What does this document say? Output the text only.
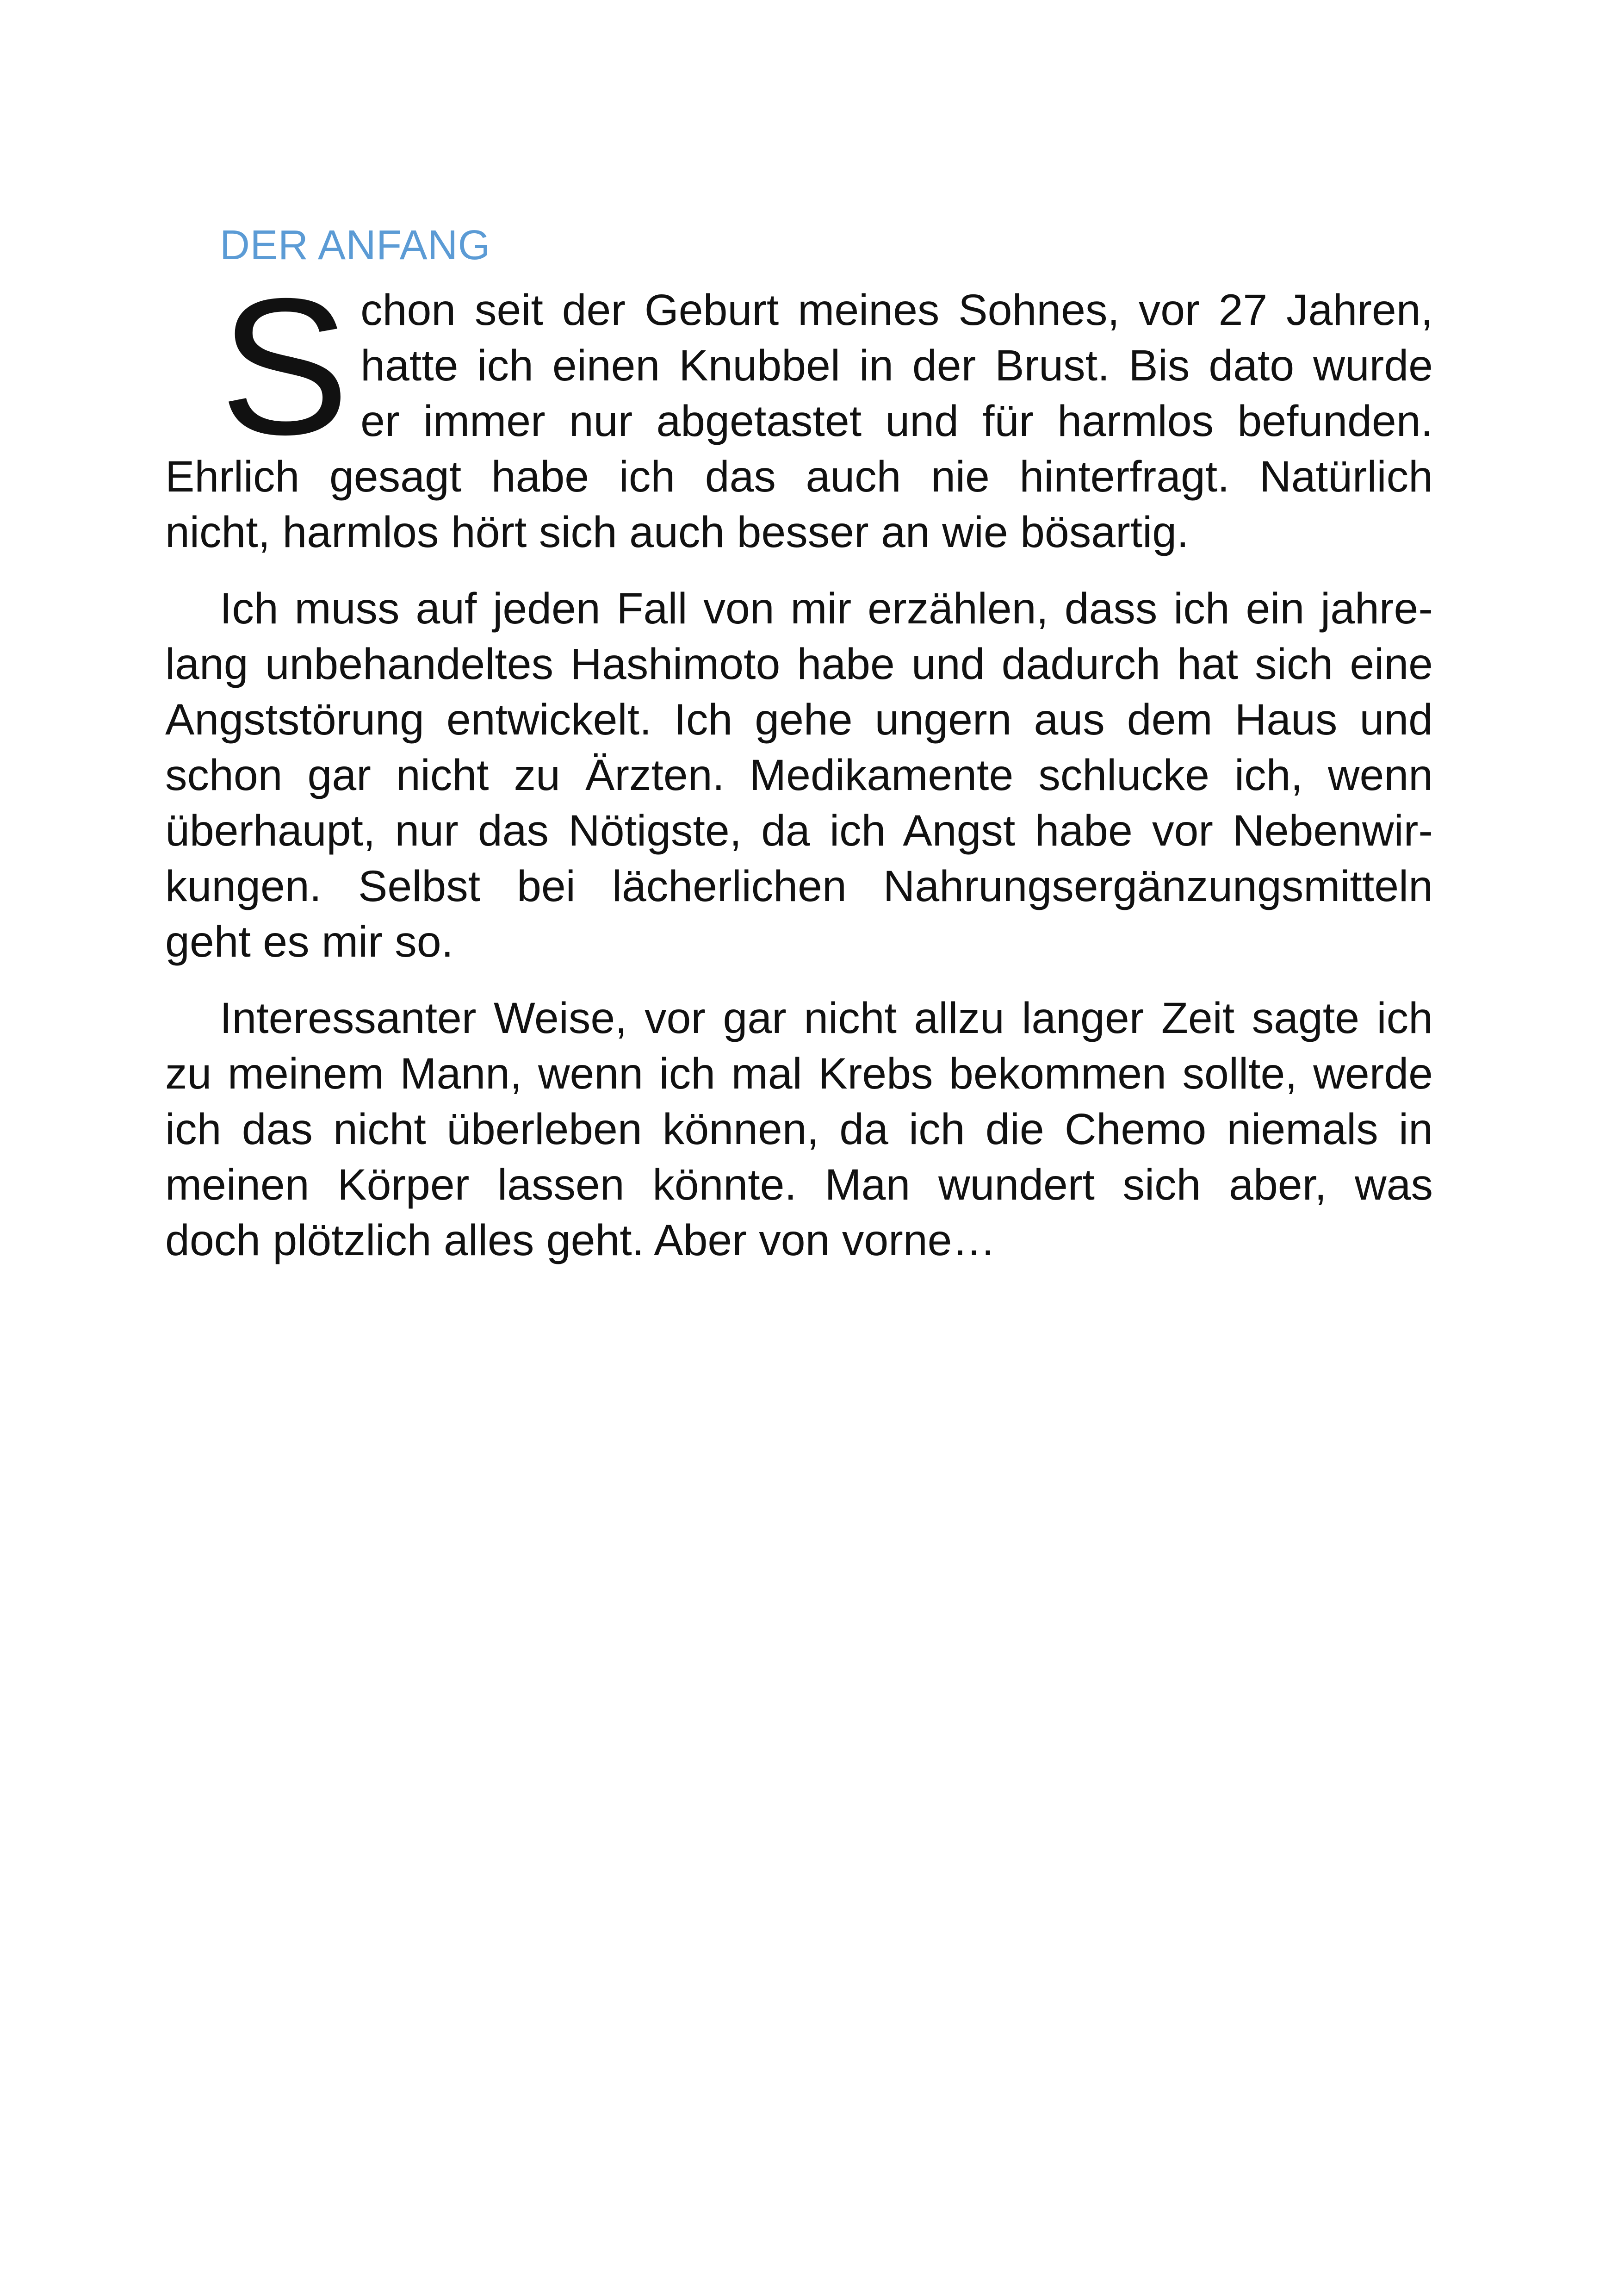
DER ANFANG
S chon seit der Geburt meines Sohnes, vor 27 Jahren,
hatte ich einen Knubbel in der Brust. Bis dato wurde
er immer nur abgetastet und für harmlos befunden.
Ehrlich gesagt habe ich das auch nie hinterfragt. Natürlich
nicht, harmlos hört sich auch besser an wie bösartig.
Ich muss auf jeden Fall von mir erzählen, dass ich ein jahre-
lang unbehandeltes Hashimoto habe und dadurch hat sich eine
Angststörung entwickelt. Ich gehe ungern aus dem Haus und
schon gar nicht zu Ärzten. Medikamente schlucke ich, wenn
überhaupt, nur das Nötigste, da ich Angst habe vor Nebenwir-
kungen. Selbst bei lächerlichen Nahrungsergänzungsmitteln
geht es mir so.
Interessanter Weise, vor gar nicht allzu langer Zeit sagte ich
zu meinem Mann, wenn ich mal Krebs bekommen sollte, werde
ich das nicht überleben können, da ich die Chemo niemals in
meinen Körper lassen könnte. Man wundert sich aber, was
doch plötzlich alles geht. Aber von vorne…
